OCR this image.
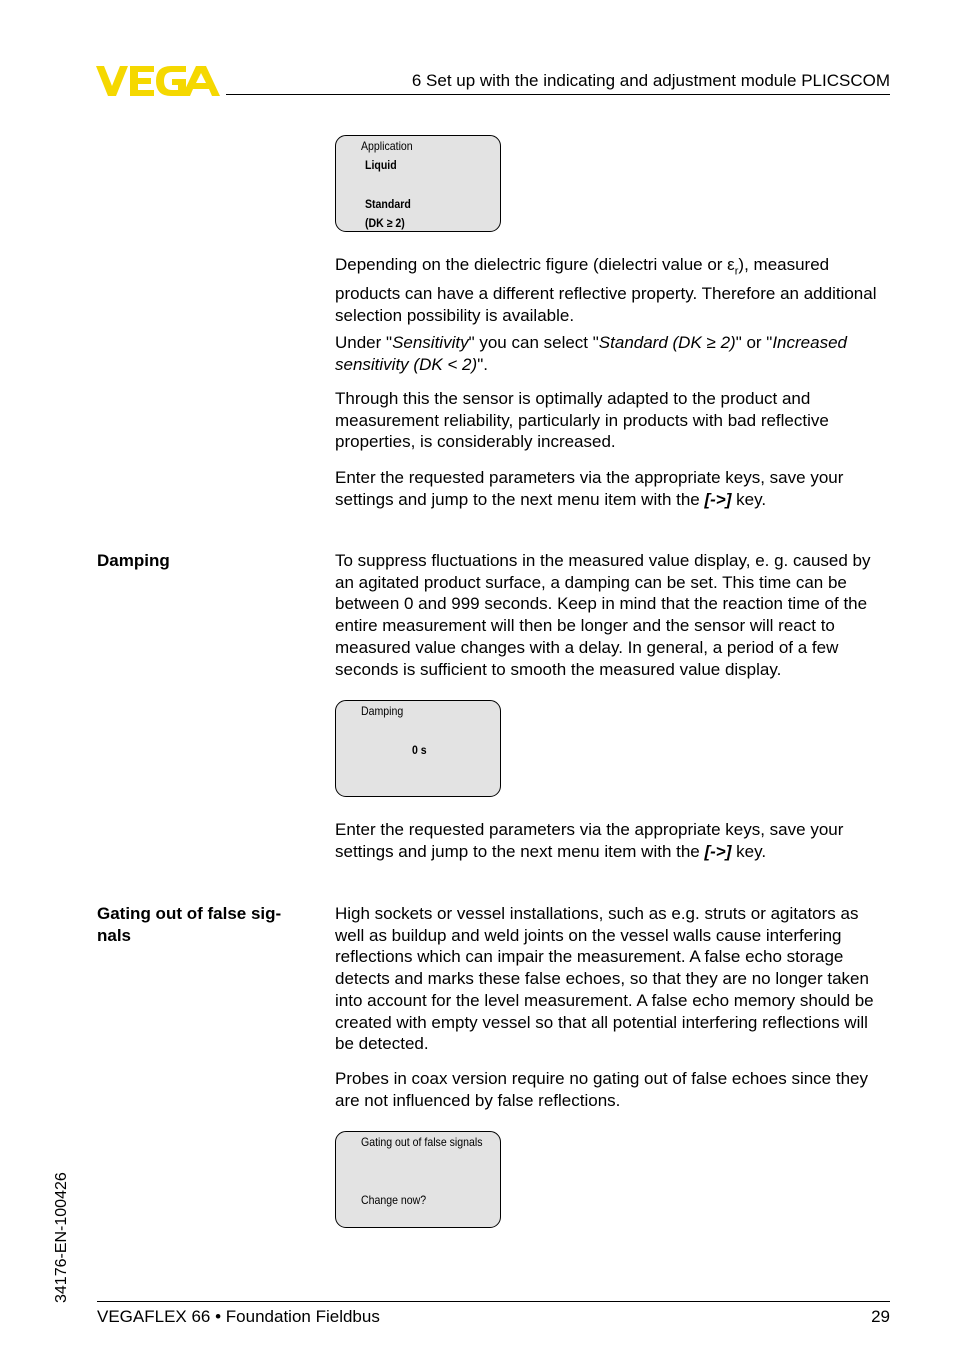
6 Set up with the indicating and adjustment module PLICSCOM
Application
Liquid
Standard
(DK ≥ 2)
Depending on the dielectric figure (dielectri value or $\varepsilon_r$), measured products can have a different reflective property. Therefore an additional selection possibility is available.
Under "Sensitivity" you can select "Standard (DK ≥ 2)" or "Increased sensitivity (DK < 2)".
Through this the sensor is optimally adapted to the product and measurement reliability, particularly in products with bad reflective properties, is considerably increased.
Enter the requested parameters via the appropriate keys, save your settings and jump to the next menu item with the [->] key.
Damping	To suppress fluctuations in the measured value display, e. g. caused by an agitated product surface, a damping can be set. This time can be between 0 and 999 seconds. Keep in mind that the reaction time of the entire measurement will then be longer and the sensor will react to measured value changes with a delay. In general, a period of a few seconds is sufficient to smooth the measured value display.
Damping
0 s
Enter the requested parameters via the appropriate keys, save your settings and jump to the next menu item with the [->] key.
Gating out of false sig-
nals
High sockets or vessel installations, such as e.g. struts or agitators as well as buildup and weld joints on the vessel walls cause interfering reflections which can impair the measurement. A false echo storage detects and marks these false echoes, so that they are no longer taken into account for the level measurement. A false echo memory should be created with empty vessel so that all potential interfering reflections will be detected.
Probes in coax version require no gating out of false echoes since they are not influenced by false reflections.
Gating out of false signals
Change now?
34176-EN-100426
VEGAFLEX 66 • Foundation Fieldbus	29
